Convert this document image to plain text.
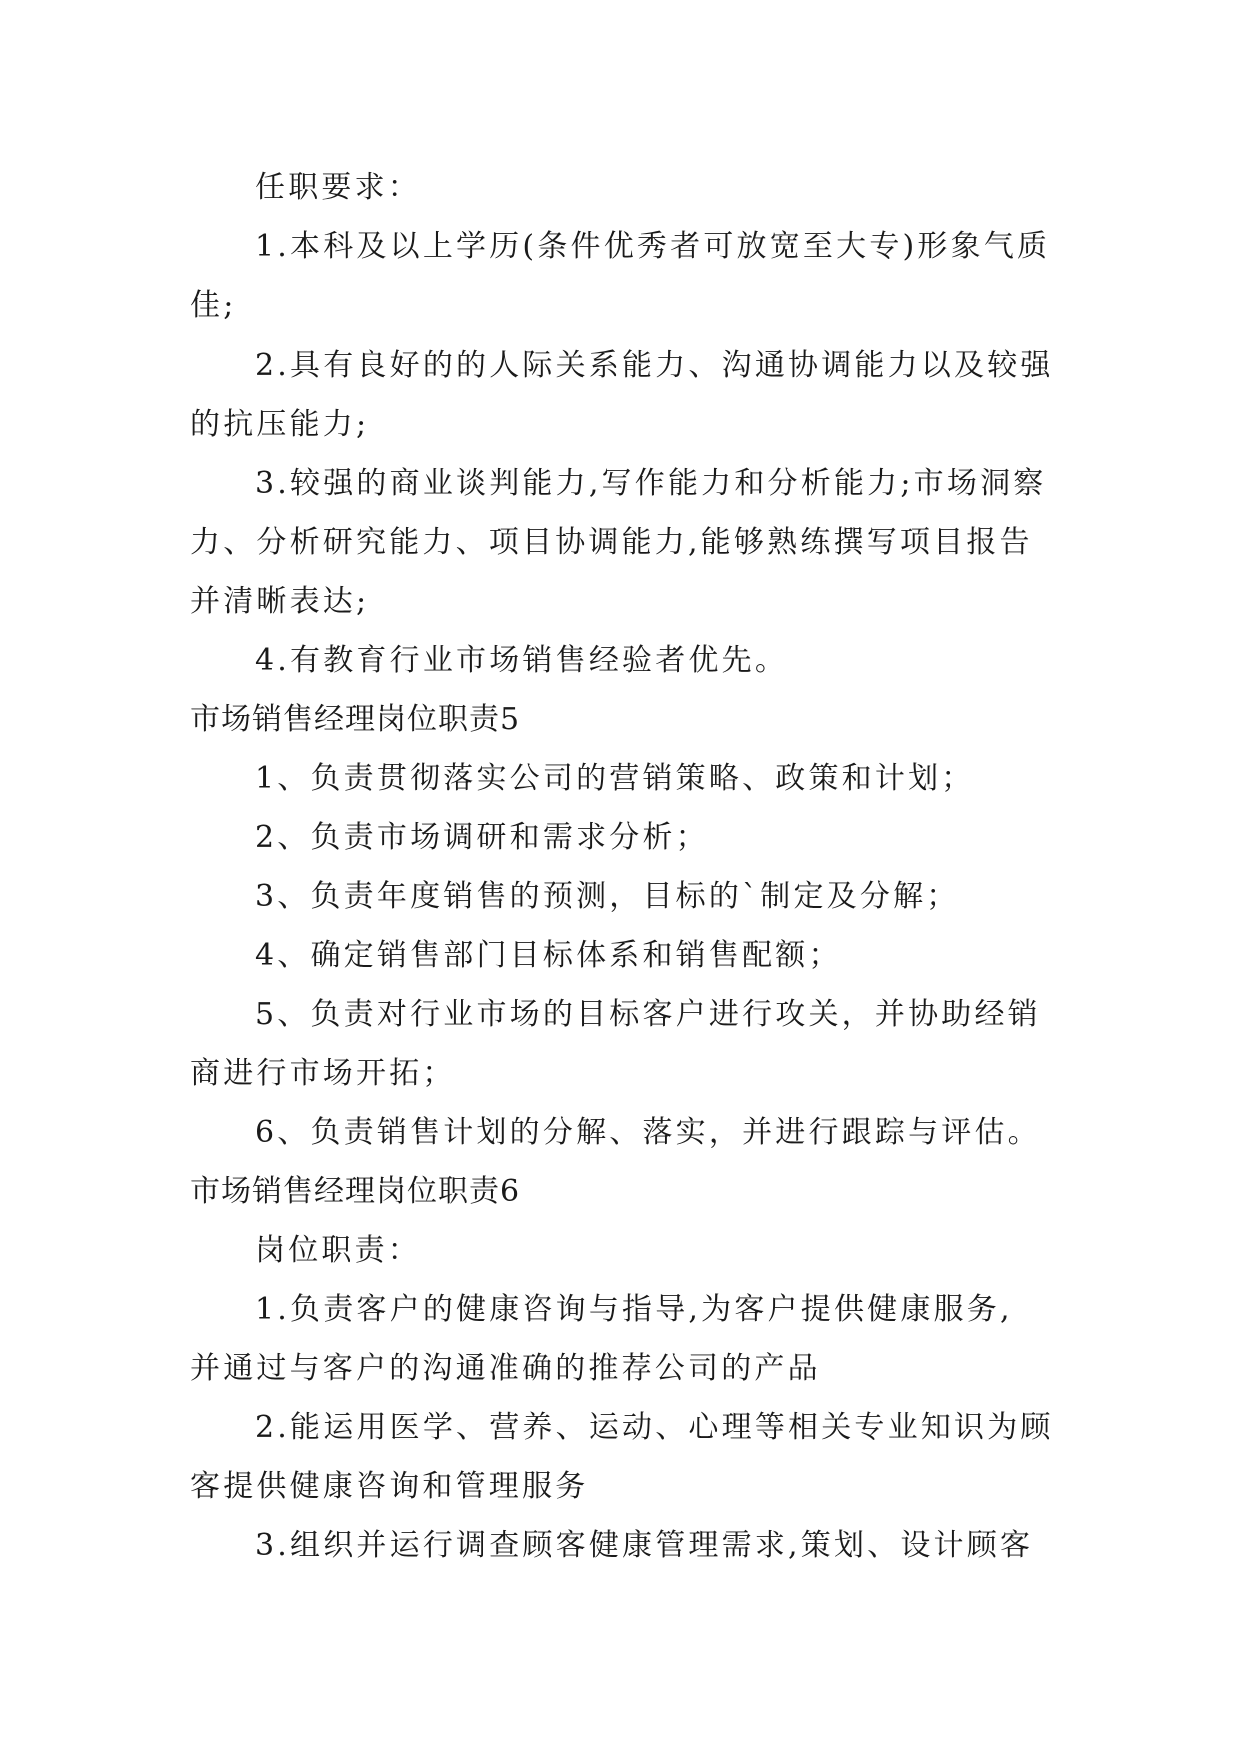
任职要求：
1.本科及以上学历(条件优秀者可放宽至大专)形象气质
佳;
2.具有良好的的人际关系能力、沟通协调能力以及较强
的抗压能力;
3.较强的商业谈判能力,写作能力和分析能力;市场洞察
力、分析研究能力、项目协调能力,能够熟练撰写项目报告
并清晰表达;
4.有教育行业市场销售经验者优先。
市场销售经理岗位职责5
1、负责贯彻落实公司的营销策略、政策和计划；
2、负责市场调研和需求分析；
3、负责年度销售的预测，目标的`制定及分解；
4、确定销售部门目标体系和销售配额；
5、负责对行业市场的目标客户进行攻关，并协助经销
商进行市场开拓；
6、负责销售计划的分解、落实，并进行跟踪与评估。
市场销售经理岗位职责6
岗位职责：
1.负责客户的健康咨询与指导,为客户提供健康服务,
并通过与客户的沟通准确的推荐公司的产品
2.能运用医学、营养、运动、心理等相关专业知识为顾
客提供健康咨询和管理服务
3.组织并运行调查顾客健康管理需求,策划、设计顾客
